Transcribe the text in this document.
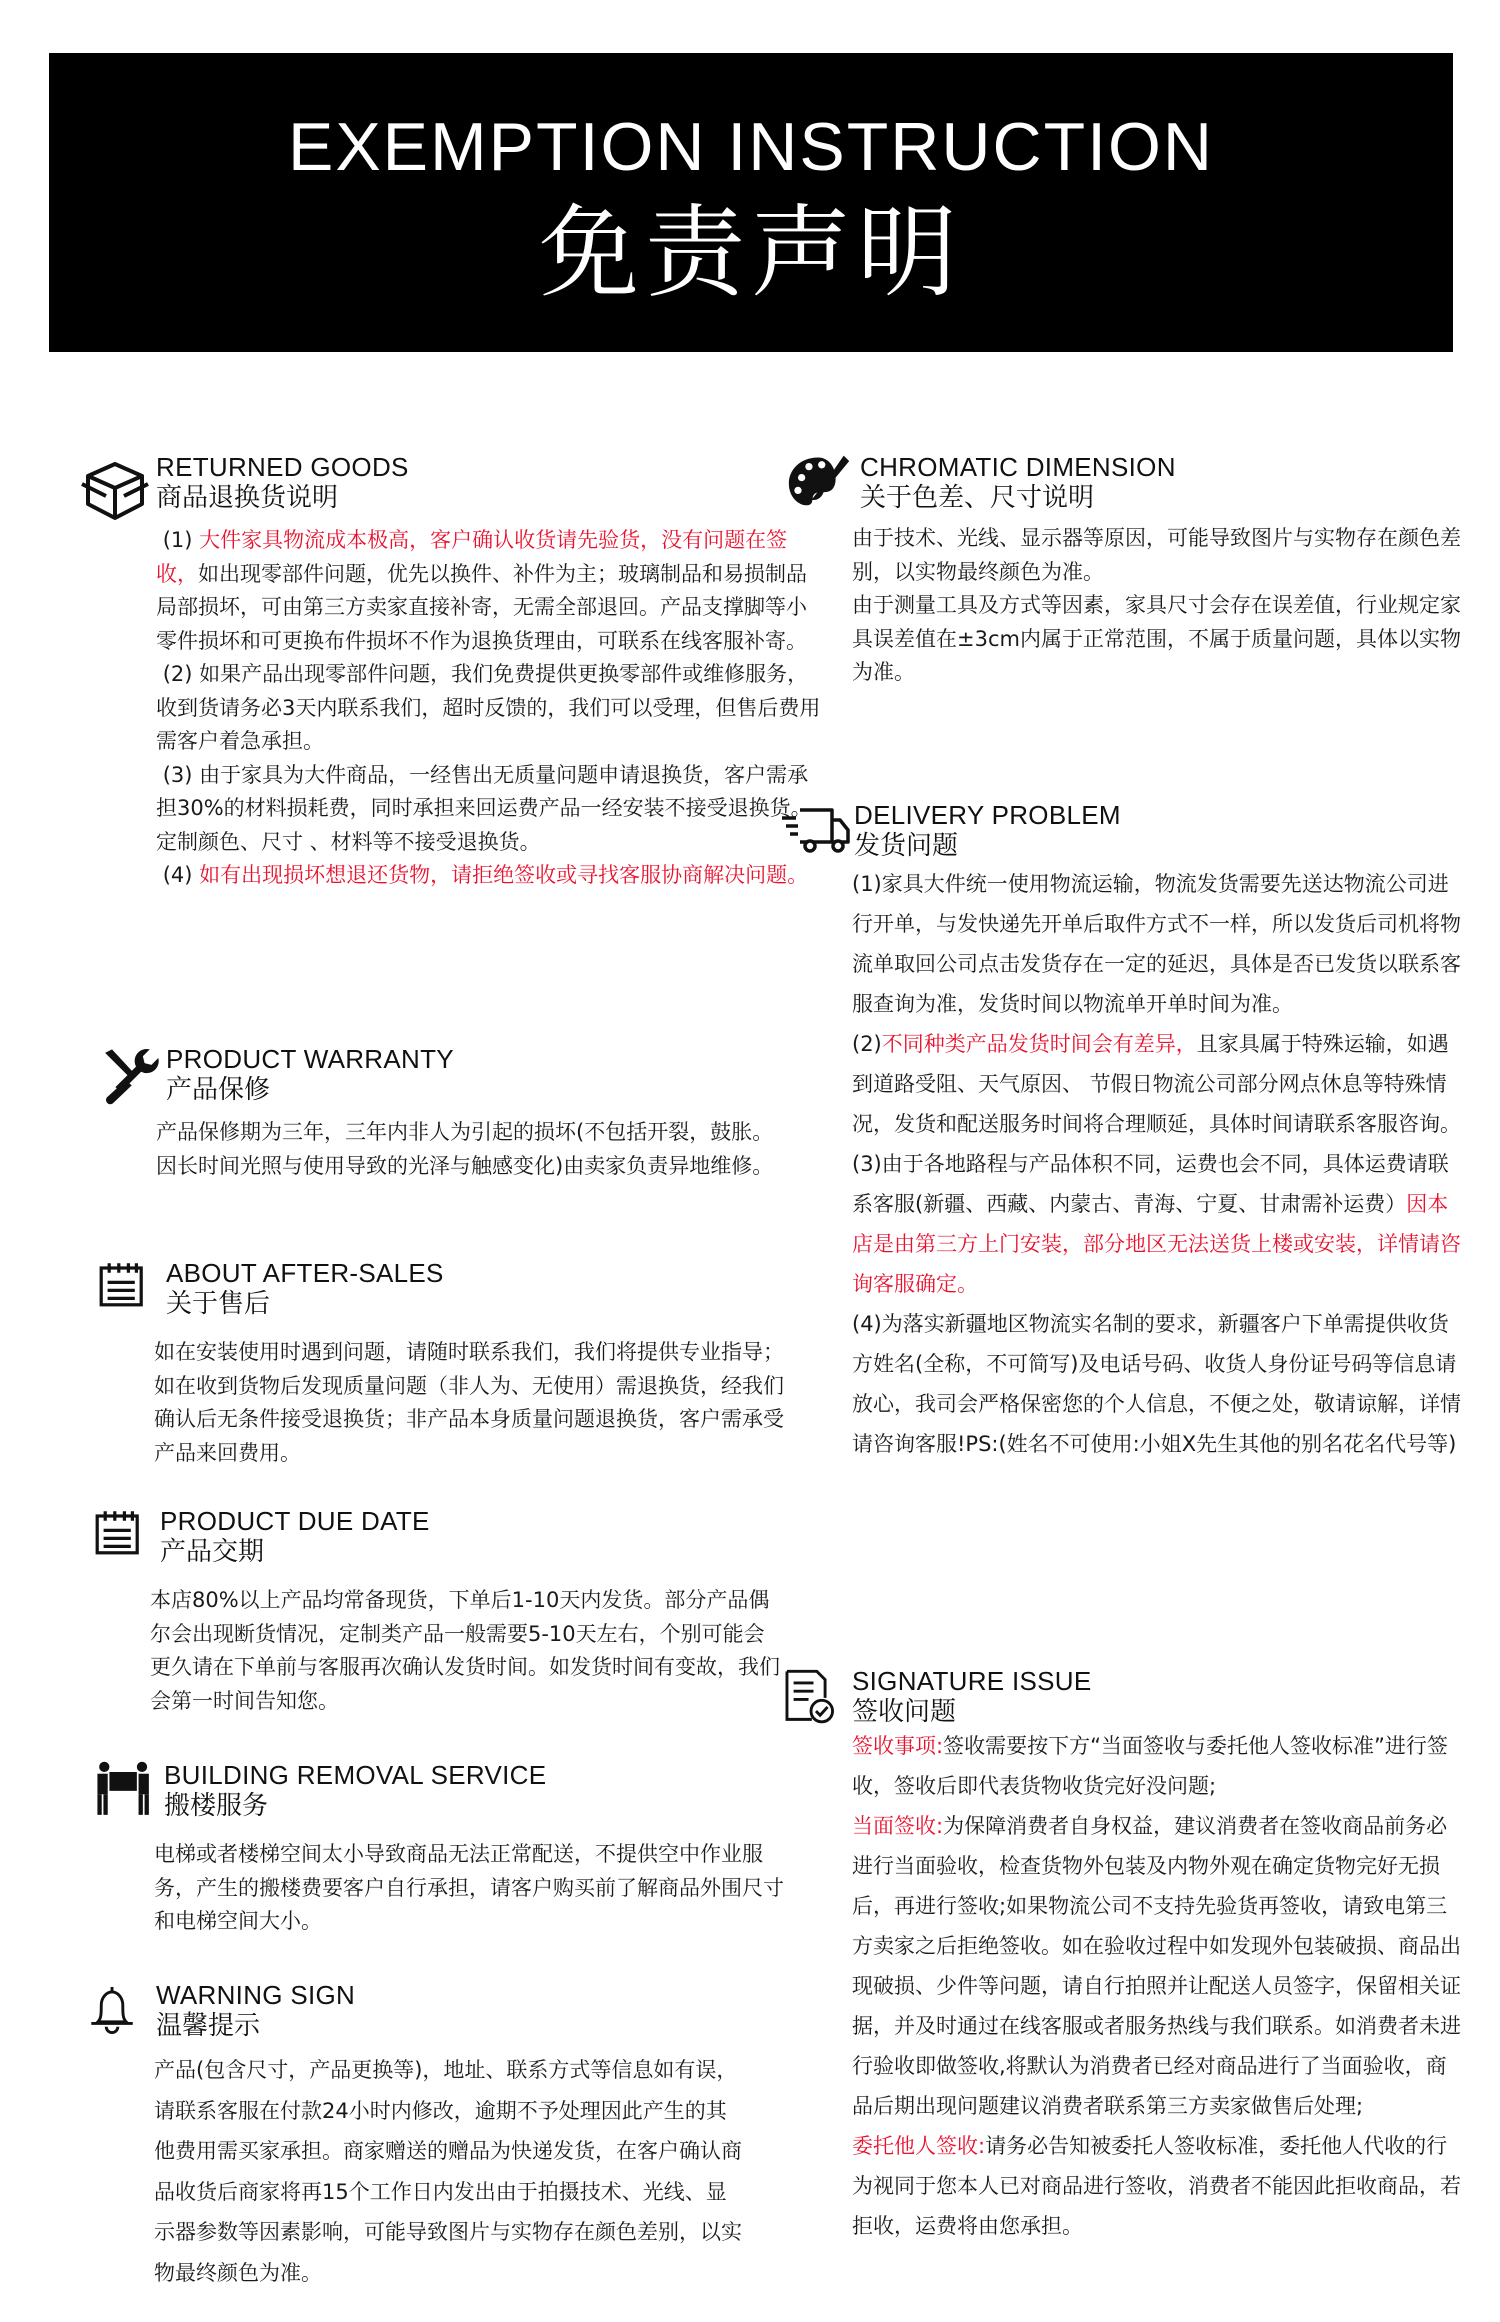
EXEMPTION INSTRUCTION
免责声明
RETURNED GOODS
商品退换货说明

(1) 大件家具物流成本极高，客户确认收货请先验货，没有问题在签收，如出现零部件问题，优先以换件、补件为主；玻璃制品和易损制品局部损坏，可由第三方卖家直接补寄，无需全部退回。产品支撑脚等小零件损坏和可更换布件损坏不作为退换货理由，可联系在线客服补寄。

(2) 如果产品出现零部件问题，我们免费提供更换零部件或维修服务，收到货请务必3天内联系我们，超时反馈的，我们可以受理，但售后费用需客户着急承担。

(3) 由于家具为大件商品，一经售出无质量问题申请退换货，客户需承担30%的材料损耗费，同时承担来回运费产品一经安装不接受退换货。定制颜色、尺寸 、材料等不接受退换货。

(4) 如有出现损坏想退还货物，请拒绝签收或寻找客服协商解决问题。

PRODUCT WARRANTY
产品保修

产品保修期为三年，三年内非人为引起的损坏(不包括开裂，鼓胀。因长时间光照与使用导致的光泽与触感变化)由卖家负责异地维修。

ABOUT AFTER-SALES
关于售后

如在安装使用时遇到问题，请随时联系我们，我们将提供专业指导；如在收到货物后发现质量问题（非人为、无使用）需退换货，经我们确认后无条件接受退换货；非产品本身质量问题退换货，客户需承受产品来回费用。

PRODUCT DUE DATE
产品交期

本店80%以上产品均常备现货，下单后1-10天内发货。部分产品偶尔会出现断货情况，定制类产品一般需要5-10天左右，个别可能会更久请在下单前与客服再次确认发货时间。如发货时间有变故，我们会第一时间告知您。

BUILDING REMOVAL SERVICE
搬楼服务

电梯或者楼梯空间太小导致商品无法正常配送，不提供空中作业服务，产生的搬楼费要客户自行承担，请客户购买前了解商品外围尺寸和电梯空间大小。

WARNING SIGN
温馨提示

产品(包含尺寸，产品更换等)，地址、联系方式等信息如有误，请联系客服在付款24小时内修改，逾期不予处理因此产生的其他费用需买家承担。商家赠送的赠品为快递发货，在客户确认商品收货后商家将再15个工作日内发出由于拍摄技术、光线、显示器参数等因素影响，可能导致图片与实物存在颜色差别，以实物最终颜色为准。

CHROMATIC DIMENSION
关于色差、尺寸说明

由于技术、光线、显示器等原因，可能导致图片与实物存在颜色差别，以实物最终颜色为准。

由于测量工具及方式等因素，家具尺寸会存在误差值，行业规定家具误差值在±3cm内属于正常范围，不属于质量问题，具体以实物为准。

DELIVERY PROBLEM
发货问题

(1)家具大件统一使用物流运输，物流发货需要先送达物流公司进行开单，与发快递先开单后取件方式不一样，所以发货后司机将物流单取回公司点击发货存在一定的延迟，具体是否已发货以联系客服查询为准，发货时间以物流单开单时间为准。

(2)不同种类产品发货时间会有差异，且家具属于特殊运输，如遇到道路受阻、天气原因、 节假日物流公司部分网点休息等特殊情况，发货和配送服务时间将合理顺延，具体时间请联系客服咨询。

(3)由于各地路程与产品体积不同，运费也会不同，具体运费请联系客服(新疆、西藏、内蒙古、青海、宁夏、甘肃需补运费）因本店是由第三方上门安装，部分地区无法送货上楼或安装，详情请咨询客服确定。

(4)为落实新疆地区物流实名制的要求，新疆客户下单需提供收货方姓名(全称，不可简写)及电话号码、收货人身份证号码等信息请放心，我司会严格保密您的个人信息，不便之处，敬请谅解，详情请咨询客服!PS:(姓名不可使用:小姐X先生其他的别名花名代号等)

SIGNATURE ISSUE
签收问题

签收事项:签收需要按下方“当面签收与委托他人签收标准”进行签收，签收后即代表货物收货完好没问题;

当面签收:为保障消费者自身权益，建议消费者在签收商品前务必进行当面验收，检查货物外包装及内物外观在确定货物完好无损后，再进行签收;如果物流公司不支持先验货再签收，请致电第三方卖家之后拒绝签收。如在验收过程中如发现外包装破损、商品出现破损、少件等问题，请自行拍照并让配送人员签字，保留相关证据，并及时通过在线客服或者服务热线与我们联系。如消费者未进行验收即做签收,将默认为消费者已经对商品进行了当面验收，商品后期出现问题建议消费者联系第三方卖家做售后处理;

委托他人签收:请务必告知被委托人签收标准，委托他人代收的行为视同于您本人已对商品进行签收，消费者不能因此拒收商品，若拒收，运费将由您承担。
